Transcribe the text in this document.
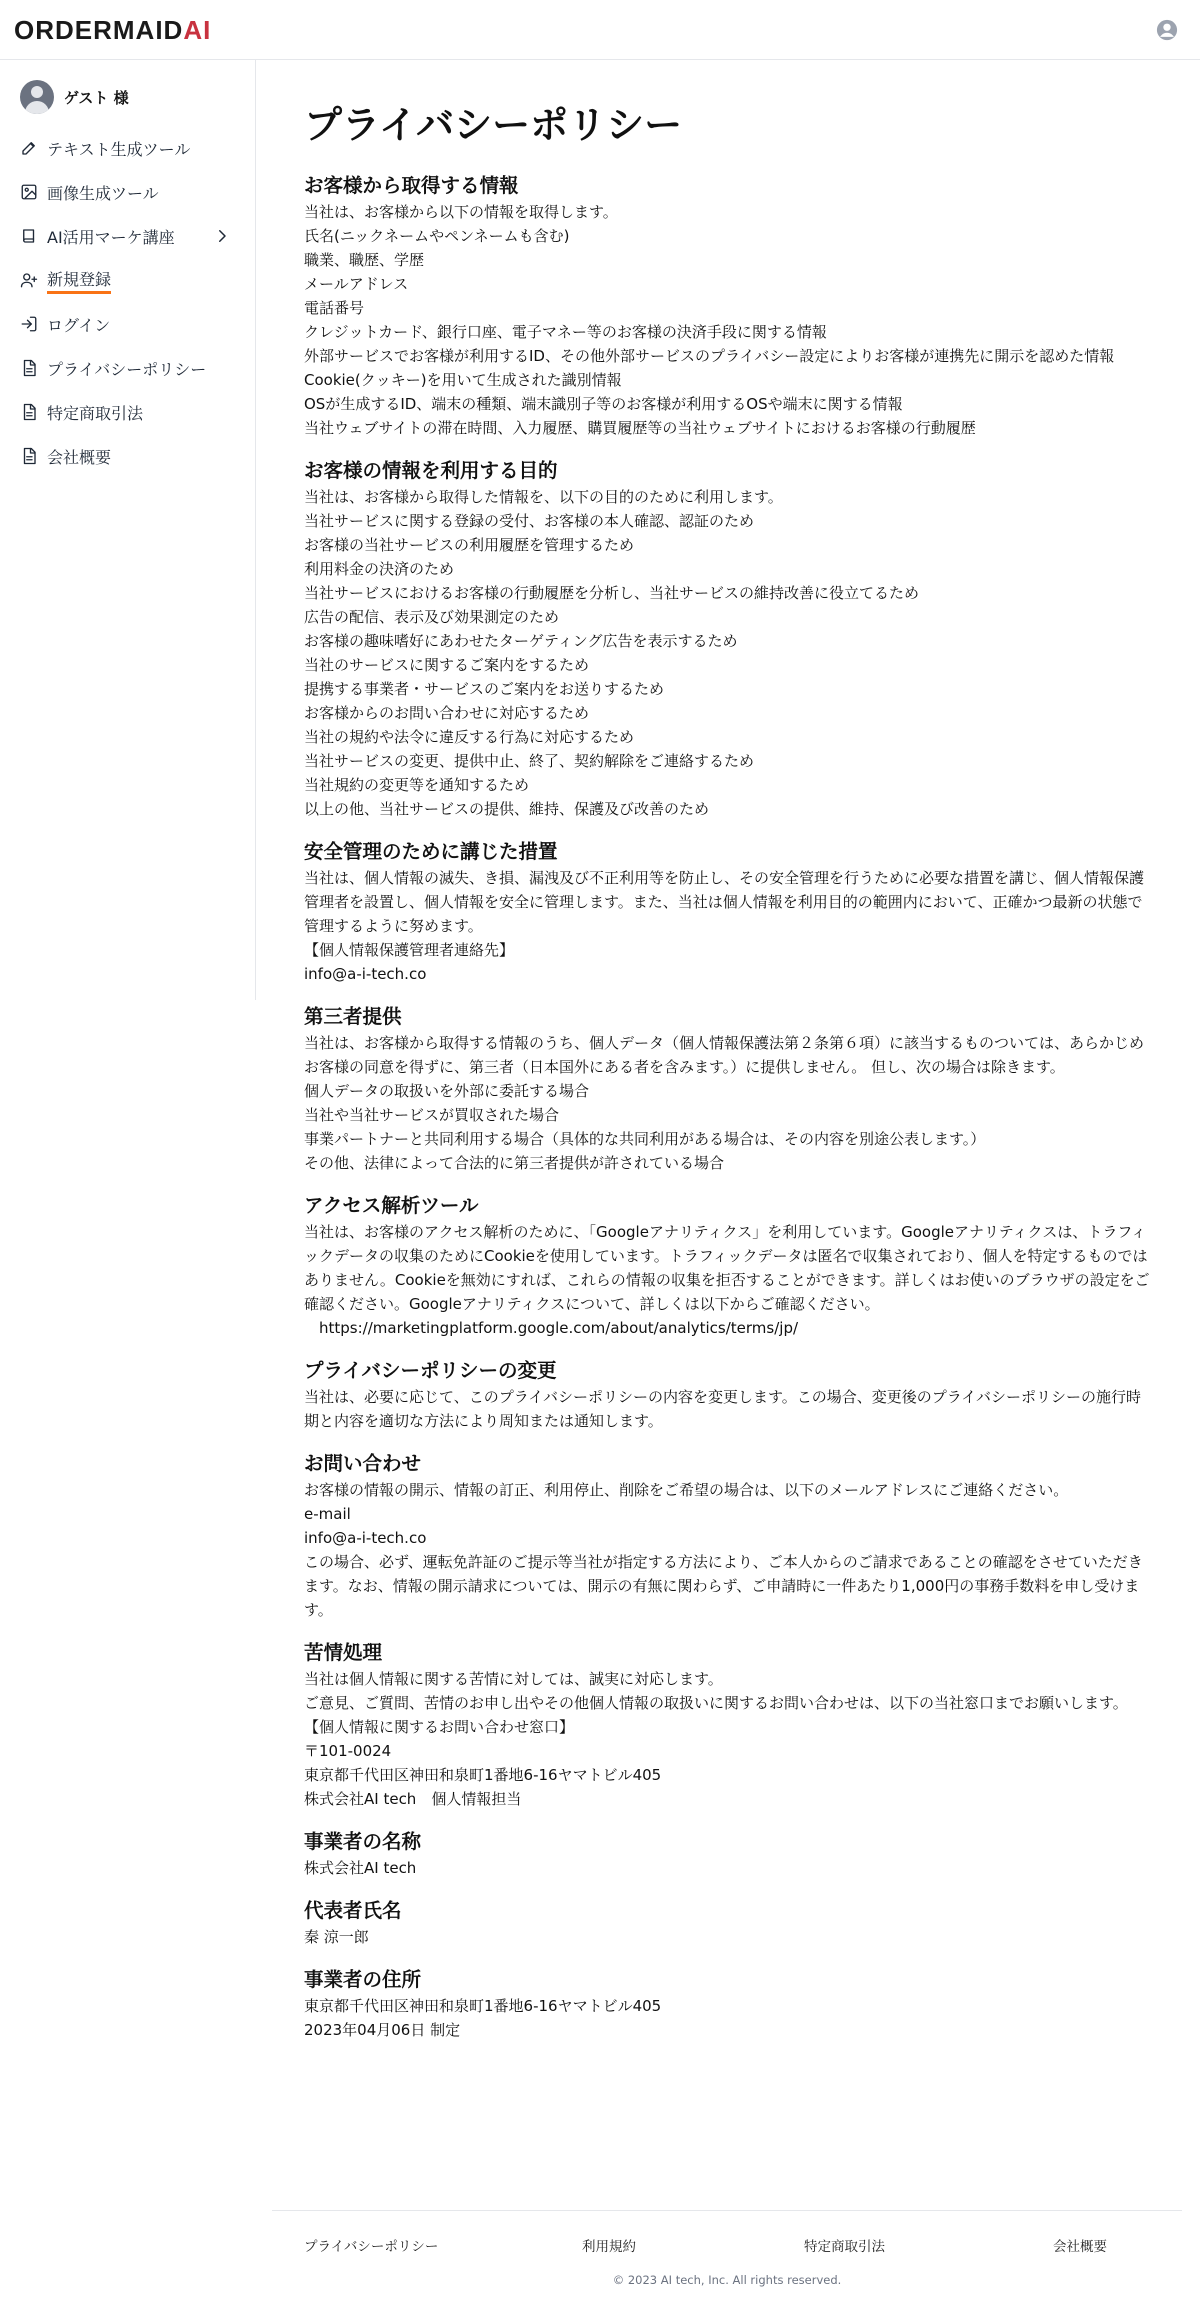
ORDERMAIDAI
ゲスト 様
テキスト生成ツール
画像生成ツール
AI活用マーケ講座
新規登録
ログイン
プライバシーポリシー
特定商取引法
会社概要
プライバシーポリシー
お客様から取得する情報

当社は、お客様から以下の情報を取得します。
氏名(ニックネームやペンネームも含む)
職業、職歴、学歴
メールアドレス
電話番号
クレジットカード、銀行口座、電子マネー等のお客様の決済手段に関する情報
外部サービスでお客様が利用するID、その他外部サービスのプライバシー設定によりお客様が連携先に開示を認めた情報
Cookie(クッキー)を用いて生成された識別情報
OSが生成するID、端末の種類、端末識別子等のお客様が利用するOSや端末に関する情報
当社ウェブサイトの滞在時間、入力履歴、購買履歴等の当社ウェブサイトにおけるお客様の行動履歴

お客様の情報を利用する目的

当社は、お客様から取得した情報を、以下の目的のために利用します。
当社サービスに関する登録の受付、お客様の本人確認、認証のため
お客様の当社サービスの利用履歴を管理するため
利用料金の決済のため
当社サービスにおけるお客様の行動履歴を分析し、当社サービスの維持改善に役立てるため
広告の配信、表示及び効果測定のため
お客様の趣味嗜好にあわせたターゲティング広告を表示するため
当社のサービスに関するご案内をするため
提携する事業者・サービスのご案内をお送りするため
お客様からのお問い合わせに対応するため
当社の規約や法令に違反する行為に対応するため
当社サービスの変更、提供中止、終了、契約解除をご連絡するため
当社規約の変更等を通知するため
以上の他、当社サービスの提供、維持、保護及び改善のため

安全管理のために講じた措置

当社は、個人情報の滅失、き損、漏洩及び不正利用等を防止し、その安全管理を行うために必要な措置を講じ、個人情報保護管理者を設置し、個人情報を安全に管理します。また、当社は個人情報を利用目的の範囲内において、正確かつ最新の状態で管理するように努めます。
【個人情報保護管理者連絡先】
info@a-i-tech.co

第三者提供

当社は、お客様から取得する情報のうち、個人データ（個人情報保護法第２条第６項）に該当するものついては、あらかじめお客様の同意を得ずに、第三者（日本国外にある者を含みます。）に提供しません。 但し、次の場合は除きます。
個人データの取扱いを外部に委託する場合
当社や当社サービスが買収された場合
事業パートナーと共同利用する場合（具体的な共同利用がある場合は、その内容を別途公表します。）
その他、法律によって合法的に第三者提供が許されている場合

アクセス解析ツール

当社は、お客様のアクセス解析のために、「Googleアナリティクス」を利用しています。Googleアナリティクスは、トラフィックデータの収集のためにCookieを使用しています。トラフィックデータは匿名で収集されており、個人を特定するものではありません。Cookieを無効にすれば、これらの情報の収集を拒否することができます。詳しくはお使いのブラウザの設定をご確認ください。Googleアナリティクスについて、詳しくは以下からご確認ください。
　https://marketingplatform.google.com/about/analytics/terms/jp/

プライバシーポリシーの変更

当社は、必要に応じて、このプライバシーポリシーの内容を変更します。この場合、変更後のプライバシーポリシーの施行時期と内容を適切な方法により周知または通知します。

お問い合わせ

お客様の情報の開示、情報の訂正、利用停止、削除をご希望の場合は、以下のメールアドレスにご連絡ください。
e-mail
info@a-i-tech.co
この場合、必ず、運転免許証のご提示等当社が指定する方法により、ご本人からのご請求であることの確認をさせていただきます。なお、情報の開示請求については、開示の有無に関わらず、ご申請時に一件あたり1,000円の事務手数料を申し受けます。

苦情処理

当社は個人情報に関する苦情に対しては、誠実に対応します。
ご意見、ご質問、苦情のお申し出やその他個人情報の取扱いに関するお問い合わせは、以下の当社窓口までお願いします。
【個人情報に関するお問い合わせ窓口】
〒101-0024
東京都千代田区神田和泉町1番地6-16ヤマトビル405
株式会社AI tech　個人情報担当

事業者の名称

株式会社AI tech

代表者氏名

秦 涼一郎

事業者の住所

東京都千代田区神田和泉町1番地6-16ヤマトビル405
2023年04月06日 制定

プライバシーポリシー	利用規約	特定商取引法	会社概要
© 2023 AI tech, Inc. All rights reserved.
